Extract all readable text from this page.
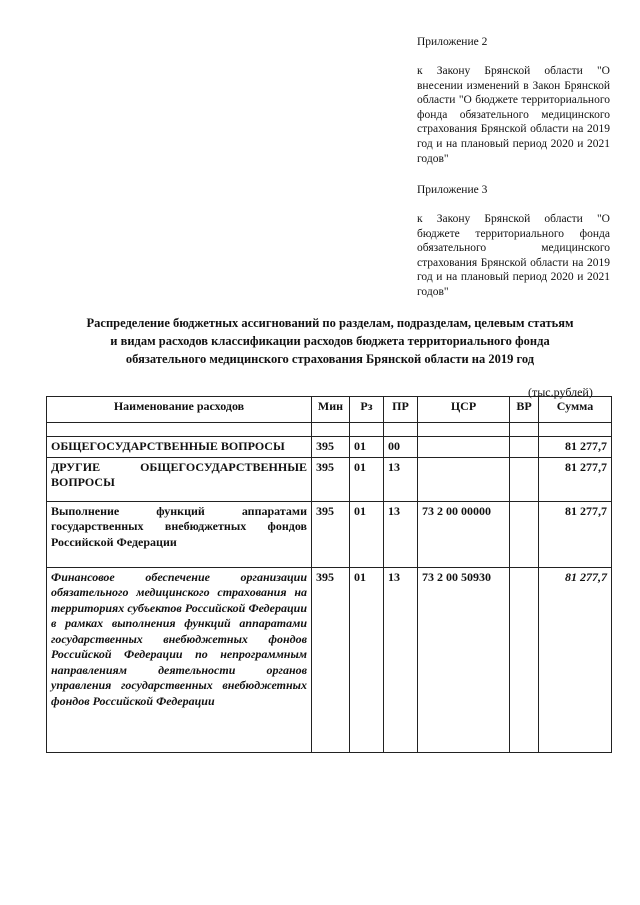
Приложение 2
к Закону Брянской области "О внесении изменений в Закон Брянской области "О бюджете территориального фонда обязательного медицинского страхования Брянской области на 2019 год и на плановый период 2020 и 2021 годов"
Приложение 3
к Закону Брянской области "О бюджете территориального фонда обязательного медицинского страхования Брянской области на 2019 год и на плановый период 2020 и 2021 годов"
Распределение бюджетных ассигнований по разделам, подразделам, целевым статьям
и видам расходов классификации расходов бюджета территориального фонда
обязательного медицинского страхования Брянской области на 2019 год
(тыс.рублей)
Наименование расходов	Мин	Рз	ПР	ЦСР	ВР	Сумма

ОБЩЕГОСУДАРСТВЕННЫЕ ВОПРОСЫ	395	01	00			81 277,7
ДРУГИЕ ОБЩЕГОСУДАРСТВЕННЫЕ ВОПРОСЫ	395	01	13			81 277,7
Выполнение функций аппаратами государственных внебюджетных фондов Российской Федерации	395	01	13	73 2 00 00000		81 277,7
Финансовое обеспечение организации обязательного медицинского страхования на территориях субъектов Российской Федерации в рамках выполнения функций аппаратами государственных внебюджетных фондов Российской Федерации по непрограммным направлениям деятельности органов управления государственных внебюджетных фондов Российской Федерации	395	01	13	73 2 00 50930		81 277,7
